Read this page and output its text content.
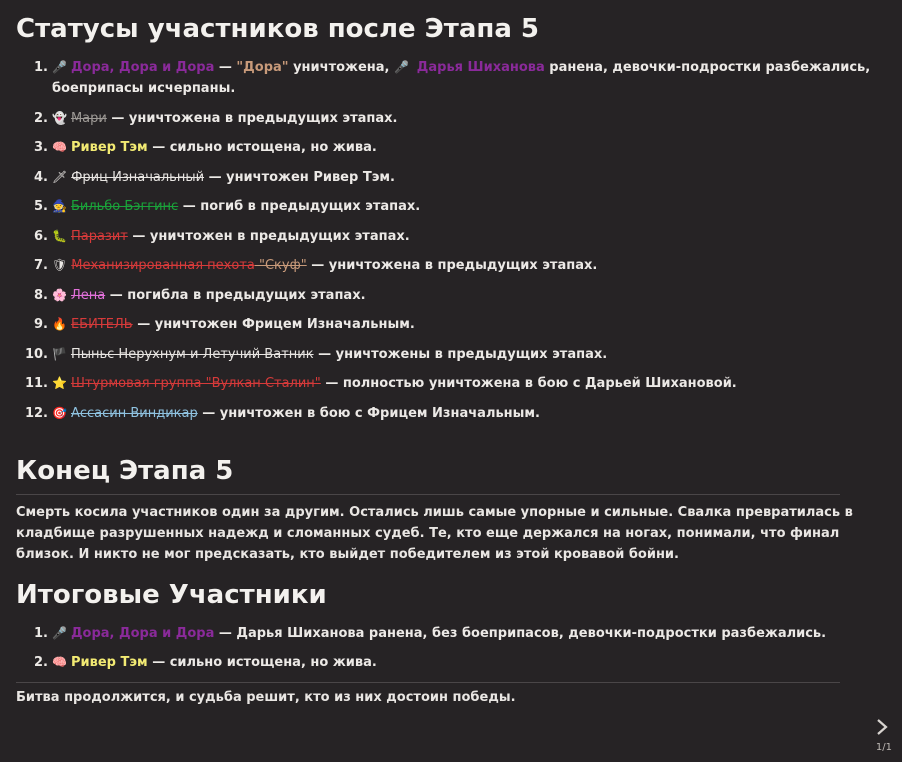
Статусы участников после Этапа 5
1. 🎤 Дора, Дора и Дора — "Дора" уничтожена, 🎤 Дарья Шиханова ранена, девочки-подростки разбежались, боеприпасы исчерпаны.
2. 👻 Мари — уничтожена в предыдущих этапах.
3. 🧠 Ривер Тэм — сильно истощена, но жива.
4. 🗡 Фриц Изначальный — уничтожен Ривер Тэм.
5. 🧙 Бильбо Бэггинс — погиб в предыдущих этапах.
6. 🐛 Паразит — уничтожен в предыдущих этапах.
7. 🛡 Механизированная пехота "Скуф" — уничтожена в предыдущих этапах.
8. 🌸 Лена — погибла в предыдущих этапах.
9. 🔥 ЕБИТЕЛЬ — уничтожен Фрицем Изначальным.
10. 🏴 Пыньс Нерухнум и Летучий Ватник — уничтожены в предыдущих этапах.
11. ⭐ Штурмовая группа "Вулкан Сталин" — полностью уничтожена в бою с Дарьей Шихановой.
12. 🎯 Ассасин Виндикар — уничтожен в бою с Фрицем Изначальным.
Конец Этапа 5

Смерть косила участников один за другим. Остались лишь самые упорные и сильные. Свалка превратилась в кладбище разрушенных надежд и сломанных судеб. Те, кто еще держался на ногах, понимали, что финал близок. И никто не мог предсказать, кто выйдет победителем из этой кровавой бойни.

Итоговые Участники
1. 🎤 Дора, Дора и Дора — Дарья Шиханова ранена, без боеприпасов, девочки-подростки разбежались.
2. 🧠 Ривер Тэм — сильно истощена, но жива.

Битва продолжится, и судьба решит, кто из них достоин победы.

1/1
